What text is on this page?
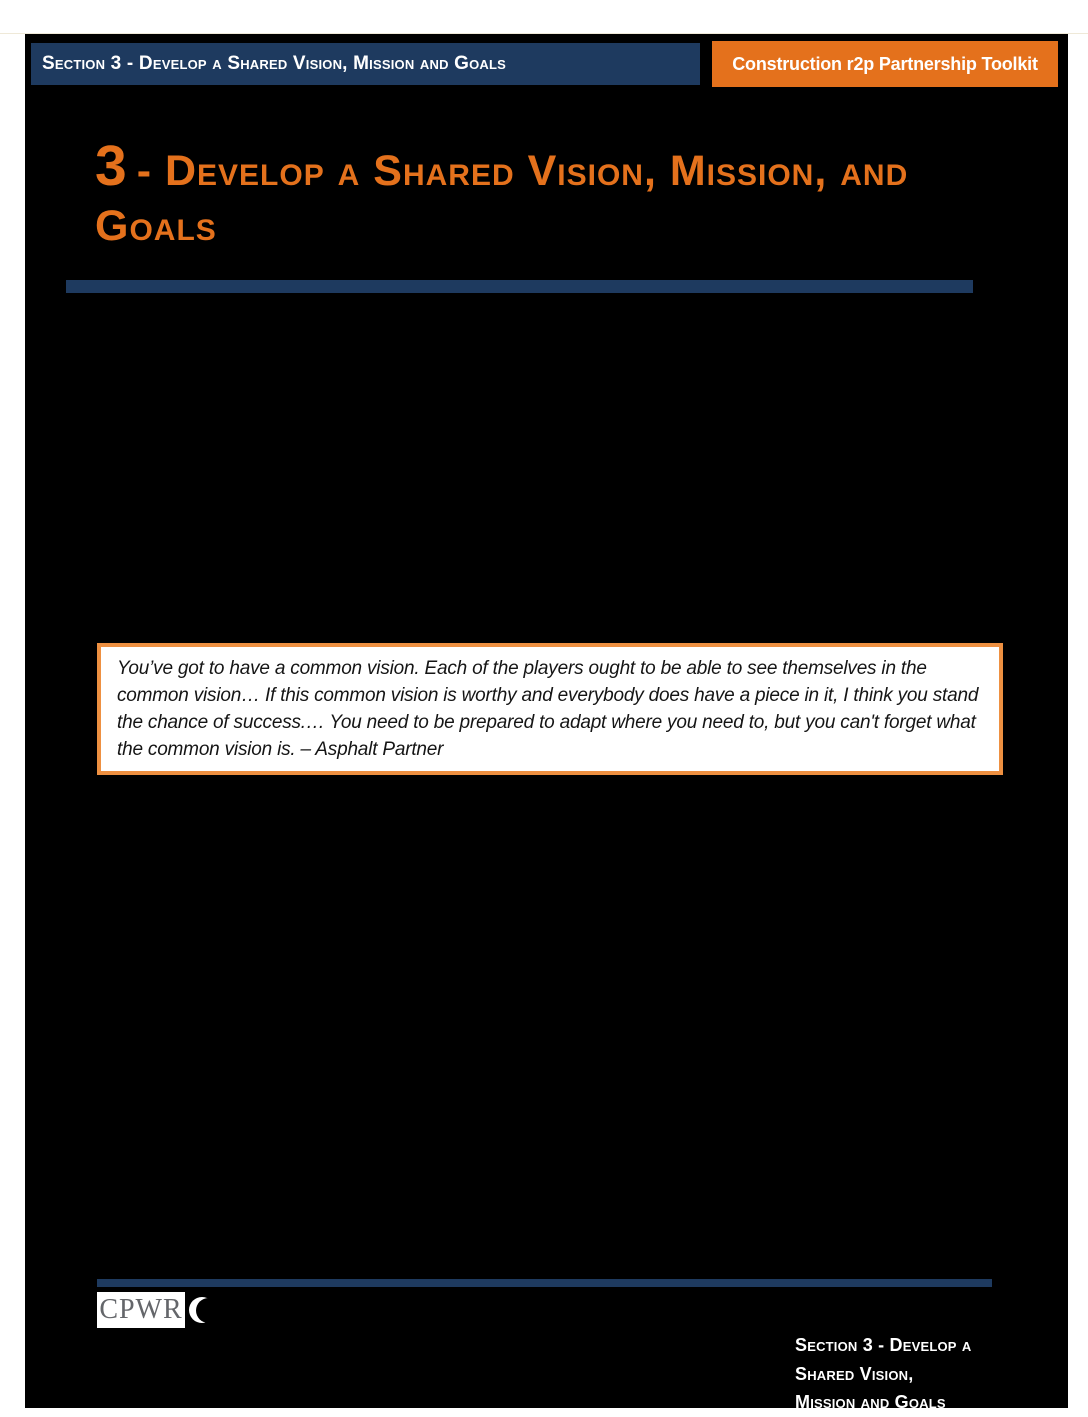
Section 3 - Develop a Shared Vision, Mission and Goals	Construction r2p Partnership Toolkit
3 - Develop a Shared Vision, Mission, and
Goals
You’ve got to have a common vision. Each of the players ought to be able to see themselves in the common vision… If this common vision is worthy and everybody does have a piece in it, I think you stand the chance of success.… You need to be prepared to adapt where you need to, but you can't forget what the common vision is. – Asphalt Partner
CPWR
Section 3 - Develop a
Shared Vision,
Mission and Goals
